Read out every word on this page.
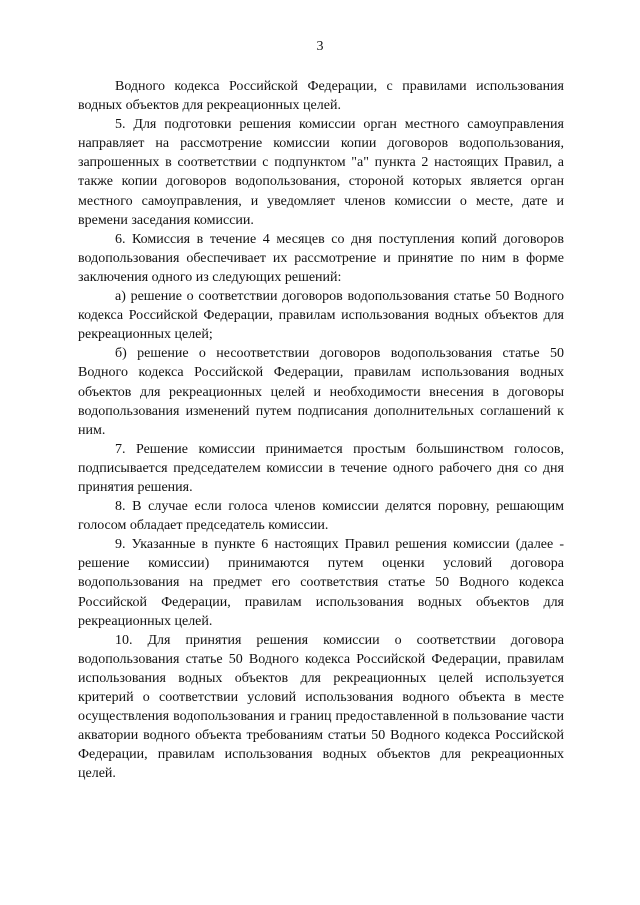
3

Водного кодекса Российской Федерации, с правилами использования водных объектов для рекреационных целей.

5. Для подготовки решения комиссии орган местного самоуправления направляет на рассмотрение комиссии копии договоров водопользования, запрошенных в соответствии с подпунктом "а" пункта 2 настоящих Правил, а также копии договоров водопользования, стороной которых является орган местного самоуправления, и уведомляет членов комиссии о месте, дате и времени заседания комиссии.

6. Комиссия в течение 4 месяцев со дня поступления копий договоров водопользования обеспечивает их рассмотрение и принятие по ним в форме заключения одного из следующих решений:

а) решение о соответствии договоров водопользования статье 50 Водного кодекса Российской Федерации, правилам использования водных объектов для рекреационных целей;

б) решение о несоответствии договоров водопользования статье 50 Водного кодекса Российской Федерации, правилам использования водных объектов для рекреационных целей и необходимости внесения в договоры водопользования изменений путем подписания дополнительных соглашений к ним.

7. Решение комиссии принимается простым большинством голосов, подписывается председателем комиссии в течение одного рабочего дня со дня принятия решения.

8. В случае если голоса членов комиссии делятся поровну, решающим голосом обладает председатель комиссии.

9. Указанные в пункте 6 настоящих Правил решения комиссии (далее - решение комиссии) принимаются путем оценки условий договора водопользования на предмет его соответствия статье 50 Водного кодекса Российской Федерации, правилам использования водных объектов для рекреационных целей.

10. Для принятия решения комиссии о соответствии договора водопользования статье 50 Водного кодекса Российской Федерации, правилам использования водных объектов для рекреационных целей используется критерий о соответствии условий использования водного объекта в месте осуществления водопользования и границ предоставленной в пользование части акватории водного объекта требованиям статьи 50 Водного кодекса Российской Федерации, правилам использования водных объектов для рекреационных целей.
